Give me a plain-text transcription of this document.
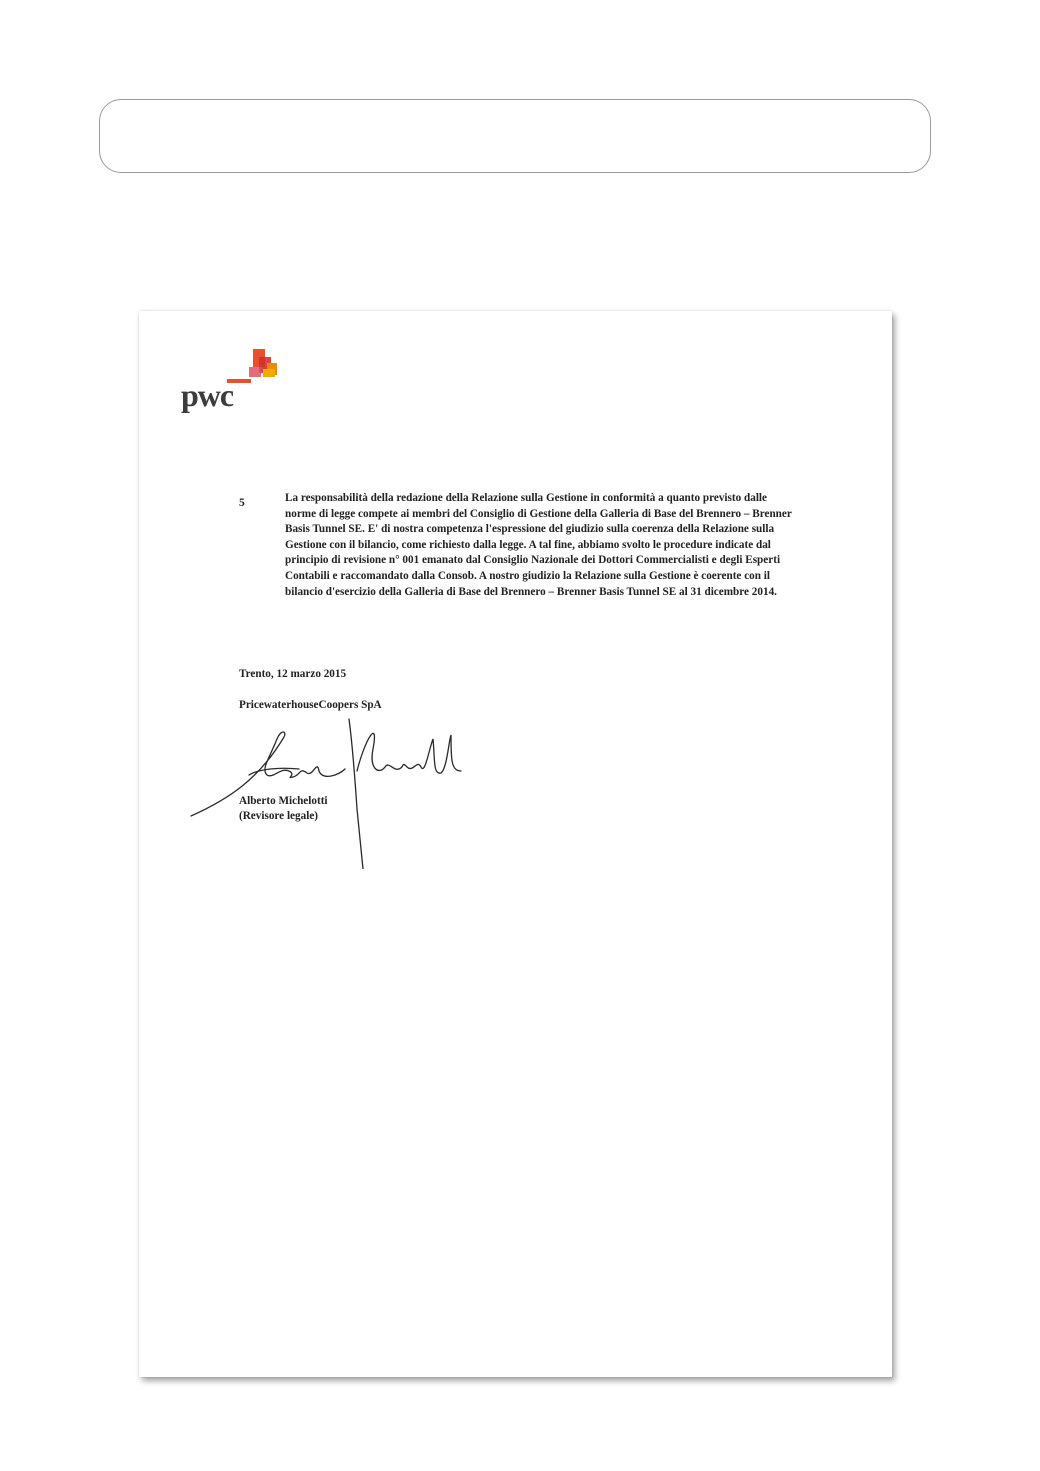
pwc
5	La responsabilità della redazione della Relazione sulla Gestione in conformità a quanto previsto dalle norme di legge compete ai membri del Consiglio di Gestione della Galleria di Base del Brennero – Brenner Basis Tunnel SE. E' di nostra competenza l'espressione del giudizio sulla coerenza della Relazione sulla Gestione con il bilancio, come richiesto dalla legge. A tal fine, abbiamo svolto le procedure indicate dal principio di revisione n° 001 emanato dal Consiglio Nazionale dei Dottori Commercialisti e degli Esperti Contabili e raccomandato dalla Consob. A nostro giudizio la Relazione sulla Gestione è coerente con il bilancio d'esercizio della Galleria di Base del Brennero – Brenner Basis Tunnel SE al 31 dicembre 2014.
Trento, 12 marzo 2015
PricewaterhouseCoopers SpA
Alberto Michelotti
(Revisore legale)
